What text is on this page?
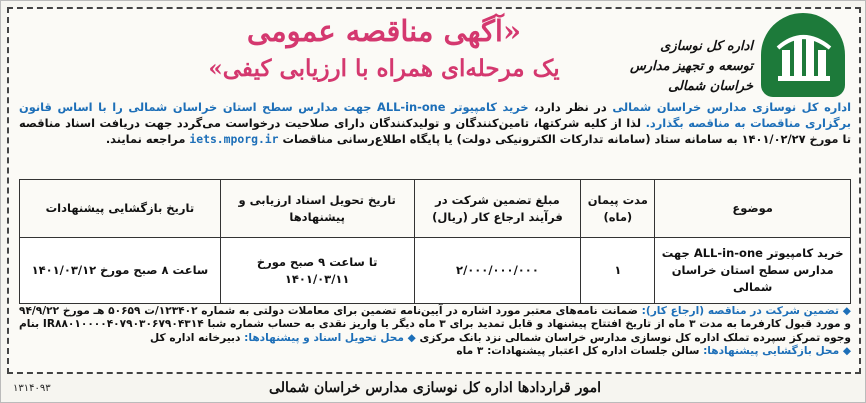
اداره کل نوسازی
توسعه و تجهیز مدارس خراسان شمالی
«آگهی مناقصه عمومی
یک مرحله‌ای همراه با ارزیابی کیفی»
اداره کل نوسازی مدارس خراسان شمالی در نظر دارد، خرید کامپیوتر ALL-in-one جهت مدارس سطح استان خراسان شمالی را با اساس قانون برگزاری مناقصات به مناقصه بگذارد. لذا از کلیه شرکتها، تامین‌کنندگان و تولیدکنندگان دارای صلاحیت درخواست می‌گردد جهت دریافت اسناد مناقصه تا مورخ ۱۴۰۱/۰۲/۲۷ به سامانه ستاد (سامانه تدارکات الکترونیکی دولت) یا پایگاه اطلاع‌رسانی مناقصات iets.mporg.ir مراجعه نمایند.
موضوع	مدت پیمان (ماه)	مبلغ تضمین شرکت در فرآیند ارجاع کار (ریال)	تاریخ تحویل اسناد ارزیابی و پیشنهادها	تاریخ بازگشایی پیشنهادات
خرید کامپیوتر ALL-in-one جهت مدارس سطح استان خراسان شمالی	۱	۲/۰۰۰/۰۰۰/۰۰۰	تا ساعت ۹ صبح مورخ ۱۴۰۱/۰۳/۱۱	ساعت ۸ صبح مورخ ۱۴۰۱/۰۳/۱۲
◆ تضمین شرکت در مناقصه (ارجاع کار): ضمانت نامه‌های معتبر مورد اشاره در آیین‌نامه تضمین برای معاملات دولتی به شماره ۱۲۳۴۰۲/ت ۵۰۶۵۹ هـ مورخ ۹۴/۹/۲۲ و مورد قبول کارفرما به مدت ۳ ماه از تاریخ افتتاح پیشنهاد و قابل تمدید برای ۳ ماه دیگر یا واریز نقدی به حساب شماره شبا IR۸۸۰۱۰۰۰۰۴۰۷۹۰۳۰۶۷۹۰۴۳۱۴ بنام وجوه تمرکز سپرده تملک اداره کل نوسازی مدارس خراسان شمالی نزد بانک مرکزی ◆ محل تحویل اسناد و پیشنهادها: دبیرخانه اداره کل
◆ محل بازگشایی پیشنهادها: سالن جلسات اداره کل اعتبار پیشنهادات: ۳ ماه
امور قراردادها اداره کل نوسازی مدارس خراسان شمالی
۱۳۱۴۰۹۳
